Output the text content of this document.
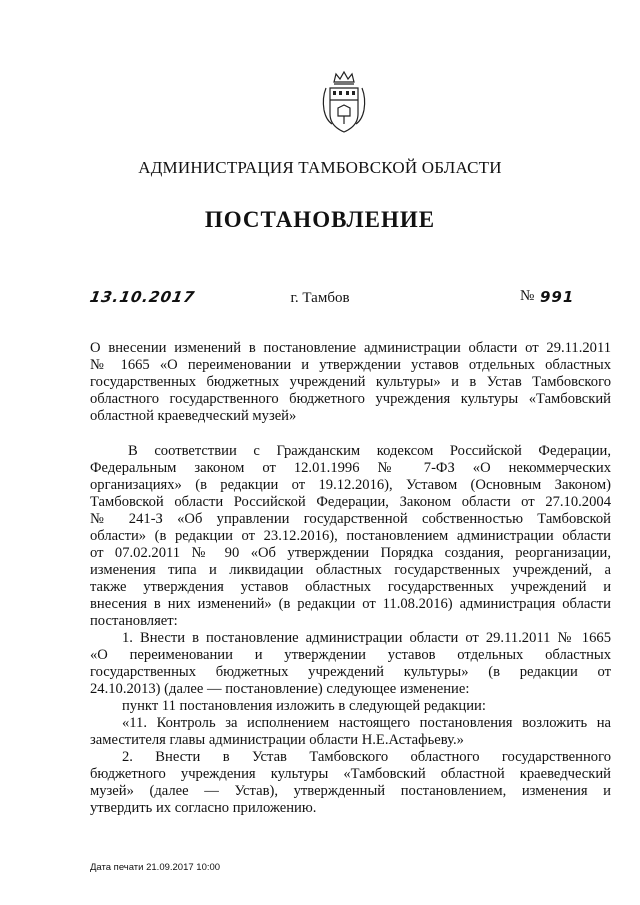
АДМИНИСТРАЦИЯ ТАМБОВСКОЙ ОБЛАСТИ
ПОСТАНОВЛЕНИЕ
13.10.2017	г. Тамбов	№ 991
О внесении изменений в постановление администрации области от 29.11.2011
№ 1665 «О переименовании и утверждении уставов отдельных областных
государственных бюджетных учреждений культуры» и в Устав Тамбовского
областного государственного бюджетного учреждения культуры «Тамбовский
областной краеведческий музей»
В соответствии с Гражданским кодексом Российской Федерации,
Федеральным законом от 12.01.1996 № 7-ФЗ «О некоммерческих
организациях» (в редакции от 19.12.2016), Уставом (Основным Законом)
Тамбовской области Российской Федерации, Законом области от 27.10.2004
№ 241-З «Об управлении государственной собственностью Тамбовской
области» (в редакции от 23.12.2016), постановлением администрации области
от 07.02.2011 № 90 «Об утверждении Порядка создания, реорганизации,
изменения типа и ликвидации областных государственных учреждений, а
также утверждения уставов областных государственных учреждений и
внесения в них изменений» (в редакции от 11.08.2016) администрация области
постановляет:
1. Внести в постановление администрации области от 29.11.2011 № 1665
«О переименовании и утверждении уставов отдельных областных
государственных бюджетных учреждений культуры» (в редакции от
24.10.2013) (далее — постановление) следующее изменение:
пункт 11 постановления изложить в следующей редакции:
«11. Контроль за исполнением настоящего постановления возложить на
заместителя главы администрации области Н.Е.Астафьеву.»
2. Внести в Устав Тамбовского областного государственного
бюджетного учреждения культуры «Тамбовский областной краеведческий
музей» (далее — Устав), утвержденный постановлением, изменения и
утвердить их согласно приложению.
Дата печати 21.09.2017 10:00
